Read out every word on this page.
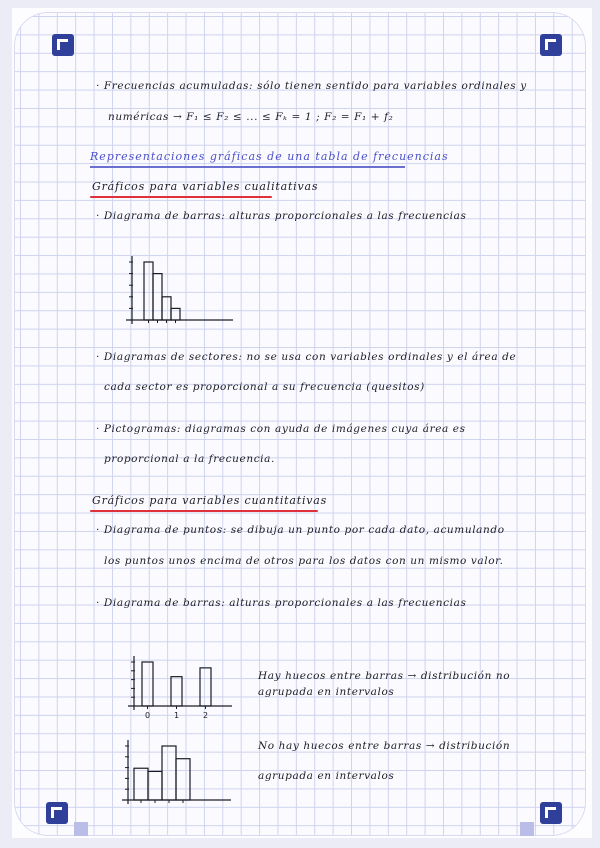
· Frecuencias acumuladas: sólo tienen sentido para variables ordinales y
numéricas → F₁ ≤ F₂ ≤ ... ≤ Fₖ = 1 ; F₂ = F₁ + f₂
Representaciones gráficas de una tabla de frecuencias
Gráficos para variables cualitativas
· Diagrama de barras: alturas proporcionales a las frecuencias
· Diagramas de sectores: no se usa con variables ordinales y el área de
cada sector es proporcional a su frecuencia (quesitos)
· Pictogramas: diagramas con ayuda de imágenes cuya área es
proporcional a la frecuencia.
Gráficos para variables cuantitativas
· Diagrama de puntos: se dibuja un punto por cada dato, acumulando
los puntos unos encima de otros para los datos con un mismo valor.
· Diagrama de barras: alturas proporcionales a las frecuencias
0	1	2
Hay huecos entre barras → distribución no
agrupada en intervalos
No hay huecos entre barras → distribución
agrupada en intervalos
